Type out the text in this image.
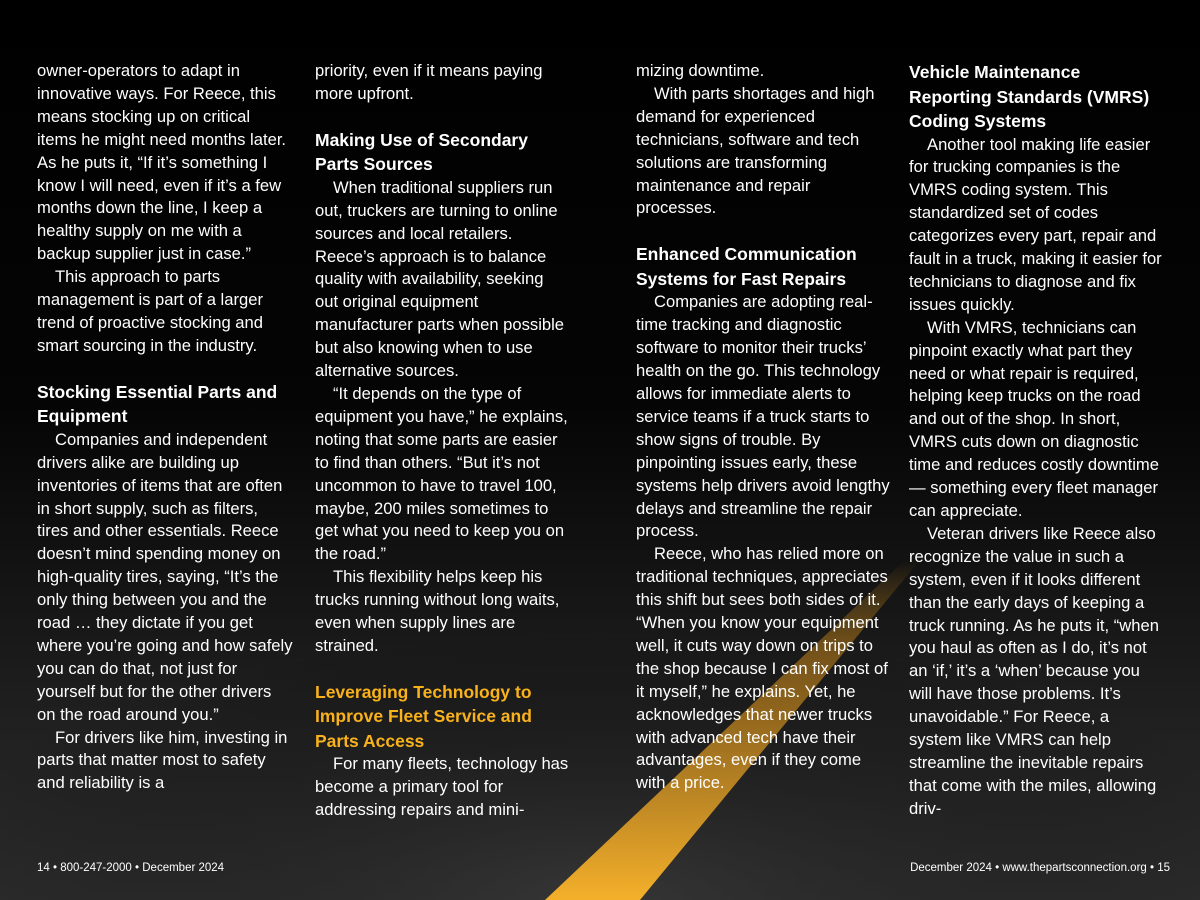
owner-operators to adapt in innovative ways. For Reece, this means stocking up on critical items he might need months later. As he puts it, “If it’s something I know I will need, even if it’s a few months down the line, I keep a healthy supply on me with a backup supplier just in case.”

This approach to parts management is part of a larger trend of proactive stocking and smart sourcing in the industry.

Stocking Essential Parts and Equipment

Companies and independent drivers alike are building up inventories of items that are often in short supply, such as filters, tires and other essentials. Reece doesn’t mind spending money on high-quality tires, saying, “It’s the only thing between you and the road … they dictate if you get where you’re going and how safely you can do that, not just for yourself but for the other drivers on the road around you.”

For drivers like him, investing in parts that matter most to safety and reliability is a

priority, even if it means paying more upfront.

Making Use of Secondary Parts Sources

When traditional suppliers run out, truckers are turning to online sources and local retailers. Reece’s approach is to balance quality with availability, seeking out original equipment manufacturer parts when possible but also knowing when to use alternative sources.

“It depends on the type of equipment you have,” he explains, noting that some parts are easier to find than others. “But it’s not uncommon to have to travel 100, maybe, 200 miles sometimes to get what you need to keep you on the road.”

This flexibility helps keep his trucks running without long waits, even when supply lines are strained.

Leveraging Technology to Improve Fleet Service and Parts Access

For many fleets, technology has become a primary tool for addressing repairs and mini-

mizing downtime.

With parts shortages and high demand for experienced technicians, software and tech solutions are transforming maintenance and repair processes.

Enhanced Communication Systems for Fast Repairs

Companies are adopting real-time tracking and diagnostic software to monitor their trucks’ health on the go. This technology allows for immediate alerts to service teams if a truck starts to show signs of trouble. By pinpointing issues early, these systems help drivers avoid lengthy delays and streamline the repair process.

Reece, who has relied more on traditional techniques, appreciates this shift but sees both sides of it. “When you know your equipment well, it cuts way down on trips to the shop because I can fix most of it myself,” he explains. Yet, he acknowledges that newer trucks with advanced tech have their advantages, even if they come with a price.

Vehicle Maintenance Reporting Standards (VMRS) Coding Systems

Another tool making life easier for trucking companies is the VMRS coding system. This standardized set of codes categorizes every part, repair and fault in a truck, making it easier for technicians to diagnose and fix issues quickly.

With VMRS, technicians can pinpoint exactly what part they need or what repair is required, helping keep trucks on the road and out of the shop. In short, VMRS cuts down on diagnostic time and reduces costly downtime — something every fleet manager can appreciate.

Veteran drivers like Reece also recognize the value in such a system, even if it looks different than the early days of keeping a truck running. As he puts it, “when you haul as often as I do, it’s not an ‘if,’ it’s a ‘when’ because you will have those problems. It’s unavoidable.” For Reece, a system like VMRS can help streamline the inevitable repairs that come with the miles, allowing driv-

14 • 800-247-2000 • December 2024	December 2024 • www.thepartsconnection.org • 15
